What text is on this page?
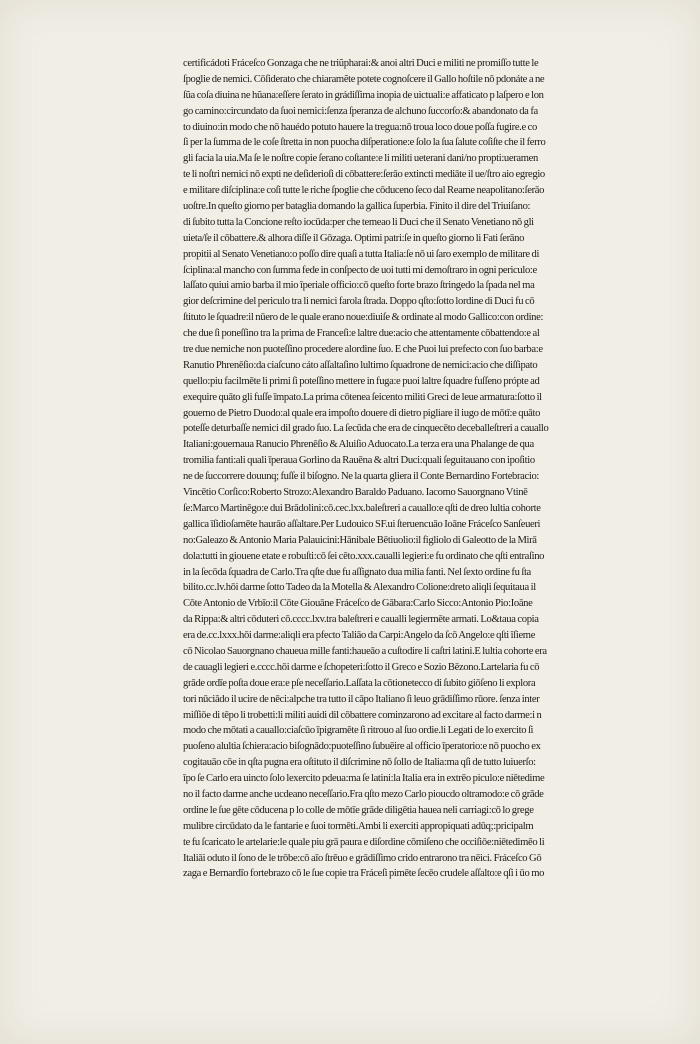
certificádoti Fráceſco Gonzaga che ne triũpharai:& anoi altri Duci e militi ne promiſſo tutte le
ſpoglie de nemici. Cōſiderato che chiaramẽte potete cognoſcere il Gallo hoſtile nō pdonáte a ne
ſũa coſa diuina ne hũana:eſſere ſerato in grádiſſima inopia de uictuali:e affaticato p laſpero e lon
go camino:circundato da ſuoi nemici:ſenza ſperanza de alchuno ſuccorſo:& abandonato da fa
to diuino:in modo che nō hauédo potuto hauere la tregua:nō troua loco doue poſſa fugire.e co
ſi per la ſumma de le coſe ſtretta in non puocha diſperatione:e ſolo la ſua ſalute coſiſte che il ferro
gli facia la uia.Ma ſe le noſtre copie ſerano coſtante:e li militi ueterani dani/no propti:ueramen
te li noſtri nemici nō expti ne deſiderioſi di cōbattere:ſerāo extincti mediāte il ue/ſtro aio egregio
e militare diſciplina:e coſi tutte le riche ſpoglie che cōduceno ſeco dal Reame neapolitano:ſerāo
uoſtre.In queſto giorno per bataglia domando la gallica ſuperbia. Finito il dire del Triuiſano:
di ſubito tutta la Concione reſto iocūda:per che temeao li Duci che il Senato Venetiano nō gli
uieta/ſe il cōbattere.& alhora diſſe il Gōzaga. Optimi patri:ſe in queſto giorno li Fati ſerāno
propitii al Senato Venetiano:o poſſo dire quaſi a tutta Italia:ſe nō ui ſaro exemplo de militare di
ſciplina:al mancho con ſumma fede in conſpecto de uoi tutti mi demoſtraro in ogni periculo:e
laſſato quiui amio barba il mio īperiale officio:cō queſto forte brazo ſtringedo la ſpada nel ma
gior deſcrimine del periculo tra li nemici farola ſtrada. Doppo qſto:ſotto lordine di Duci fu cō
ſtituto le ſquadre:il nūero de le quale erano noue:diuiſe & ordinate al modo Gallico:con ordine:
che due ſi poneſſino tra la prima de Franceſi:e laltre due:acio che attentamente cōbattendo:e al
tre due nemiche non puoteſſino procedere alordine ſuo. E che Puoi lui prefecto con ſuo barba:e
Ranutio Phrenēſio:da ciaſcuno cáto aſſaltaſino lultimo ſquadrone de nemici:acio che diſſipato
quello:piu facilmēte li primi ſi poteſſino mettere in fuga:e puoi laltre ſquadre fuſſeno própte ad
exequire quāto gli fuſſe īmpato.La prima cōtenea ſeicento militi Greci de leue armatura:ſotto il
gouerno de Pietro Duodo:al quale era impoſto douere di dietro pigliare il iugo de mōtī:e quāto
poteſſe deturbaſſe nemici dil grado ſuo. La ſecūda che era de cinquecēto deceballeſtreri a cauallo
Italiani:gouernaua Ranucio Phrenēſio & Aluiſio Aduocato.La terza era una Phalange de qua
tromilia fanti:ali quali īperaua Gorlino da Rauēna & altri Duci:quali ſeguitauano con ipoſitio
ne de ſuccorrere douunq; fuſſe il biſogno. Ne la quarta gliera il Conte Bernardino Fortebracio:
Vincētio Corſico:Roberto Strozo:Alexandro Baraldo Paduano. Iacomo Sauorgnano Vtinē
ſe:Marco Martinēgo:e dui Brādolini:cō.cec.lxx.baleſtreri a cauallo:e qſti de dreo lultia cohorte
gallica īſidioſamēte haurāo aſſaltare.Per Ludouico SF.ui ſteruencuāo Ioāne Fráceſco Sanſeueri
no:Galeazo & Antonio Maria Palauicini:Hānibale Bētiuolio:il figliolo di Galeotto de la Mirā
dola:tutti in giouene etate e robuſti:cō ſei cēto.xxx.caualli legieri:e fu ordinato che qſti entraſino
in la ſecōda ſquadra de Carlo.Tra qſte due fu aſſignato dua milia fanti. Nel ſexto ordine fu ſta
bilito.cc.lv.hōi darme ſotto Tadeo da la Motella & Alexandro Colione:dreto aliqli ſequitaua il
Cōte Antonio de Vrbīo:il Cōte Giouāne Fráceſco de Gābara:Carlo Sicco:Antonio Pio:Ioāne
da Rippa:& altri cōduteri cō.cccc.lxv.tra baleſtreri e caualli legiermēte armati. Lo&taua copia
era de.cc.lxxx.hōi darme:aliqli era pfecto Taliāo da Carpi:Angelo da ſcō Angelo:e qſti īſieme
cō Nicolao Sauorgnano chaueua mille fanti:haueāo a cuſtodire li caſtri latini.E lultia cohorte era
de cauagli legieri e.cccc.hōi darme e ſchopeteri:ſotto il Greco e Sozio Bēzono.Lartelaria fu cō
grāde ordīe poſta doue era:e pſe neceſſario.Laſſata la cōtioneteccо di ſubito giōſeno li explora
tori nūciādo il ucire de nēci:alpche tra tutto il cāpo Italiano ſi leuo grādiſſimo rūore. ſenza inter
miſſiōe di tēpo li trobetti:li militi auidi dil cōbattere cominzarono ad excitare al facto darme:i n
modo che mōtati a cauallo:ciaſcūo īpigramēte ſi ritrouo al ſuo ordie.li Legati de lo exercito ſi
puoſeno alultia ſchiera:acio biſognādo:puoteſſino ſubuēire al officio īperatorio:e nō puocho ex
cogitauāo cōe in qſta pugna era oſtituto il diſcrimine nō ſollo de Italia:ma qſi de tutto luiuerſo:
īpo ſe Carlo era uincto ſolo lexercito pdeua:ma ſe latini:la Italia era in extrēo piculo:e niētedime
no il facto darme anche ucdeano neceſſario.Fra qſto mezo Carlo pioucdo oltramodo:e cō grāde
ordine le ſue gēte cōducena p lo colle de mōtīe grāde diligētia hauea neli carriagi:cō lo grege
mulibre circūdato da le fantarie e ſuoi tormēti.Ambi li exerciti appropiquati adūq;:pricipalm
te fu ſcaricato le artelarie:le quale piu grā paura e diſordine cōmiſeno che occiſiōe:niētedimēo li
Italiāi oduto il ſono de le trōbe:cō aīo ſtrēuo e grādiſſimo crido entrarono tra nēici. Fráceſco Gō
zaga e Bernardīo fortebrazo cō le ſue copie tra Fráceſi pimēte ſecēo crudele aſſalto:e qſi i ūo mo
